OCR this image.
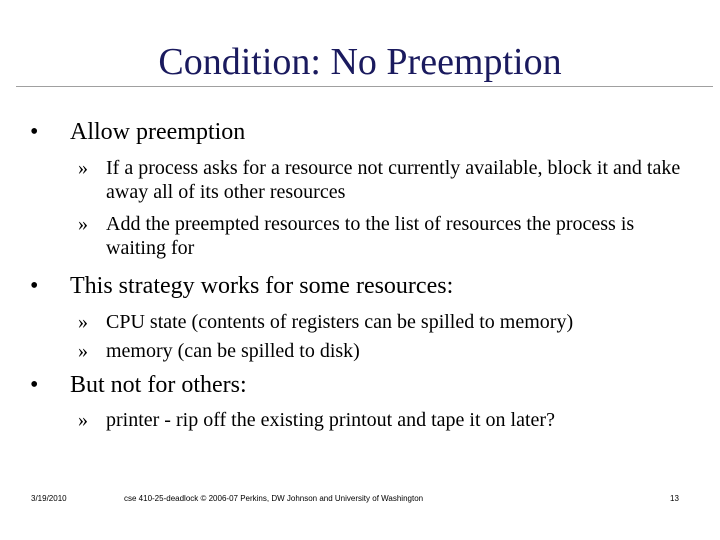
Condition: No Preemption
•	Allow preemption
» If a process asks for a resource not currently available, block it and take away all of its other resources
» Add the preempted resources to the list of resources the process is waiting for
•	This strategy works for some resources:
» CPU state (contents of registers can be spilled to memory)
» memory (can be spilled to disk)
•	But not for others:
» printer - rip off the existing printout and tape it on later?
3/19/2010	cse 410-25-deadlock © 2006-07 Perkins, DW Johnson and University of Washington	13
